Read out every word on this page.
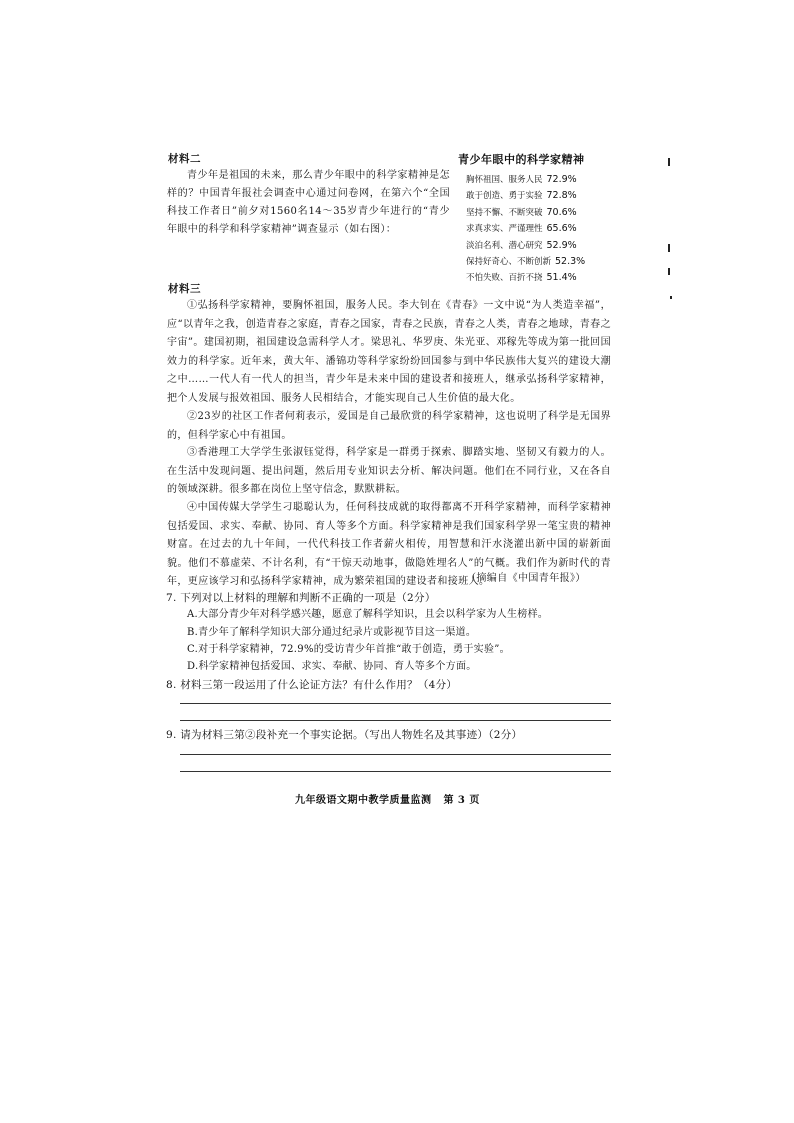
材料二
青少年是祖国的未来，那么青少年眼中的科学家精神是怎样的？中国青年报社会调查中心通过问卷网，在第六个“全国科技工作者日”前夕对1560名14～35岁青少年进行的“青少年眼中的科学和科学家精神”调查显示（如右图）：
青少年眼中的科学家精神
胸怀祖国、服务人民 72.9%
敢于创造、勇于实验 72.8%
坚持不懈、不断突破 70.6%
求真求实、严谨理性 65.6%
淡泊名利、潜心研究 52.9%
保持好奇心、不断创新 52.3%
不怕失败、百折不挠 51.4%
材料三
①弘扬科学家精神，要胸怀祖国，服务人民。李大钊在《青春》一文中说“为人类造幸福”，应“以青年之我，创造青春之家庭，青春之国家，青春之民族，青春之人类，青春之地球，青春之宇宙”。建国初期，祖国建设急需科学人才。梁思礼、华罗庚、朱光亚、邓稼先等成为第一批回国效力的科学家。近年来，黄大年、潘锦功等科学家纷纷回国参与到中华民族伟大复兴的建设大潮之中……一代人有一代人的担当，青少年是未来中国的建设者和接班人，继承弘扬科学家精神，把个人发展与报效祖国、服务人民相结合，才能实现自己人生价值的最大化。
②23岁的社区工作者何莉表示，爱国是自己最欣赏的科学家精神，这也说明了科学是无国界的，但科学家心中有祖国。
③香港理工大学学生张淑钰觉得，科学家是一群勇于探索、脚踏实地、坚韧又有毅力的人。在生活中发现问题、提出问题，然后用专业知识去分析、解决问题。他们在不同行业，又在各自的领域深耕。很多都在岗位上坚守信念，默默耕耘。
④中国传媒大学学生刁聪聪认为，任何科技成就的取得都离不开科学家精神，而科学家精神包括爱国、求实、奉献、协同、育人等多个方面。科学家精神是我们国家科学界一笔宝贵的精神财富。在过去的九十年间，一代代科技工作者薪火相传，用智慧和汗水浇灌出新中国的崭新面貌。他们不慕虚荣、不计名利，有“干惊天动地事，做隐姓埋名人”的气概。我们作为新时代的青年，更应该学习和弘扬科学家精神，成为繁荣祖国的建设者和接班人。
（摘编自《中国青年报》）
7. 下列对以上材料的理解和判断不正确的一项是（2分）
A.大部分青少年对科学感兴趣，愿意了解科学知识，且会以科学家为人生榜样。
B.青少年了解科学知识大部分通过纪录片或影视节目这一渠道。
C.对于科学家精神，72.9%的受访青少年首推“敢于创造，勇于实验”。
D.科学家精神包括爱国、求实、奉献、协同、育人等多个方面。
8. 材料三第一段运用了什么论证方法？有什么作用？（4分）
9. 请为材料三第②段补充一个事实论据。（写出人物姓名及其事迹）（2分）
九年级语文期中教学质量监测   第 3 页
